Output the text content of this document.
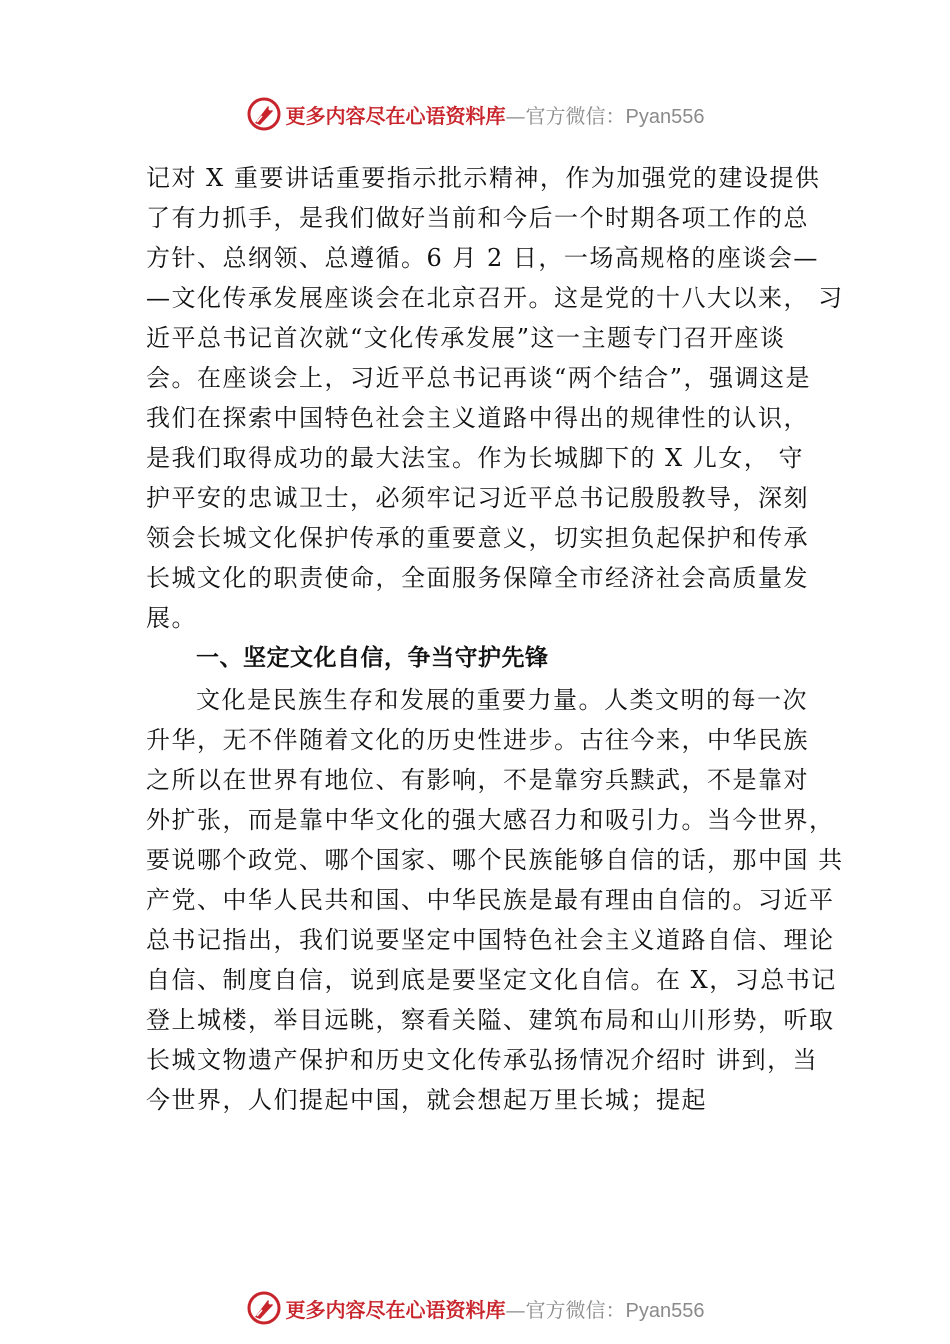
更多内容尽在心语资料库—官方微信：Pyan556
记对 X 重要讲话重要指示批示精神，作为加强党的建设提供
了有力抓手，是我们做好当前和今后一个时期各项工作的总
方针、总纲领、总遵循。6 月 2 日，一场高规格的座谈会—
—文化传承发展座谈会在北京召开。这是党的十八大以来， 习
近平总书记首次就“文化传承发展”这一主题专门召开座谈
会。在座谈会上，习近平总书记再谈“两个结合”，强调这是
我们在探索中国特色社会主义道路中得出的规律性的认识，
是我们取得成功的最大法宝。作为长城脚下的 X 儿女， 守
护平安的忠诚卫士，必须牢记习近平总书记殷殷教导，深刻
领会长城文化保护传承的重要意义，切实担负起保护和传承
长城文化的职责使命，全面服务保障全市经济社会高质量发
展。
一、坚定文化自信，争当守护先锋
文化是民族生存和发展的重要力量。人类文明的每一次
升华，无不伴随着文化的历史性进步。古往今来，中华民族
之所以在世界有地位、有影响，不是靠穷兵黩武，不是靠对
外扩张，而是靠中华文化的强大感召力和吸引力。当今世界，
要说哪个政党、哪个国家、哪个民族能够自信的话，那中国 共
产党、中华人民共和国、中华民族是最有理由自信的。习近平
总书记指出，我们说要坚定中国特色社会主义道路自信、理论
自信、制度自信，说到底是要坚定文化自信。在 X，习总书记
登上城楼，举目远眺，察看关隘、建筑布局和山川形势，听取
长城文物遗产保护和历史文化传承弘扬情况介绍时 讲到，当
今世界，人们提起中国，就会想起万里长城；提起
更多内容尽在心语资料库—官方微信：Pyan556
